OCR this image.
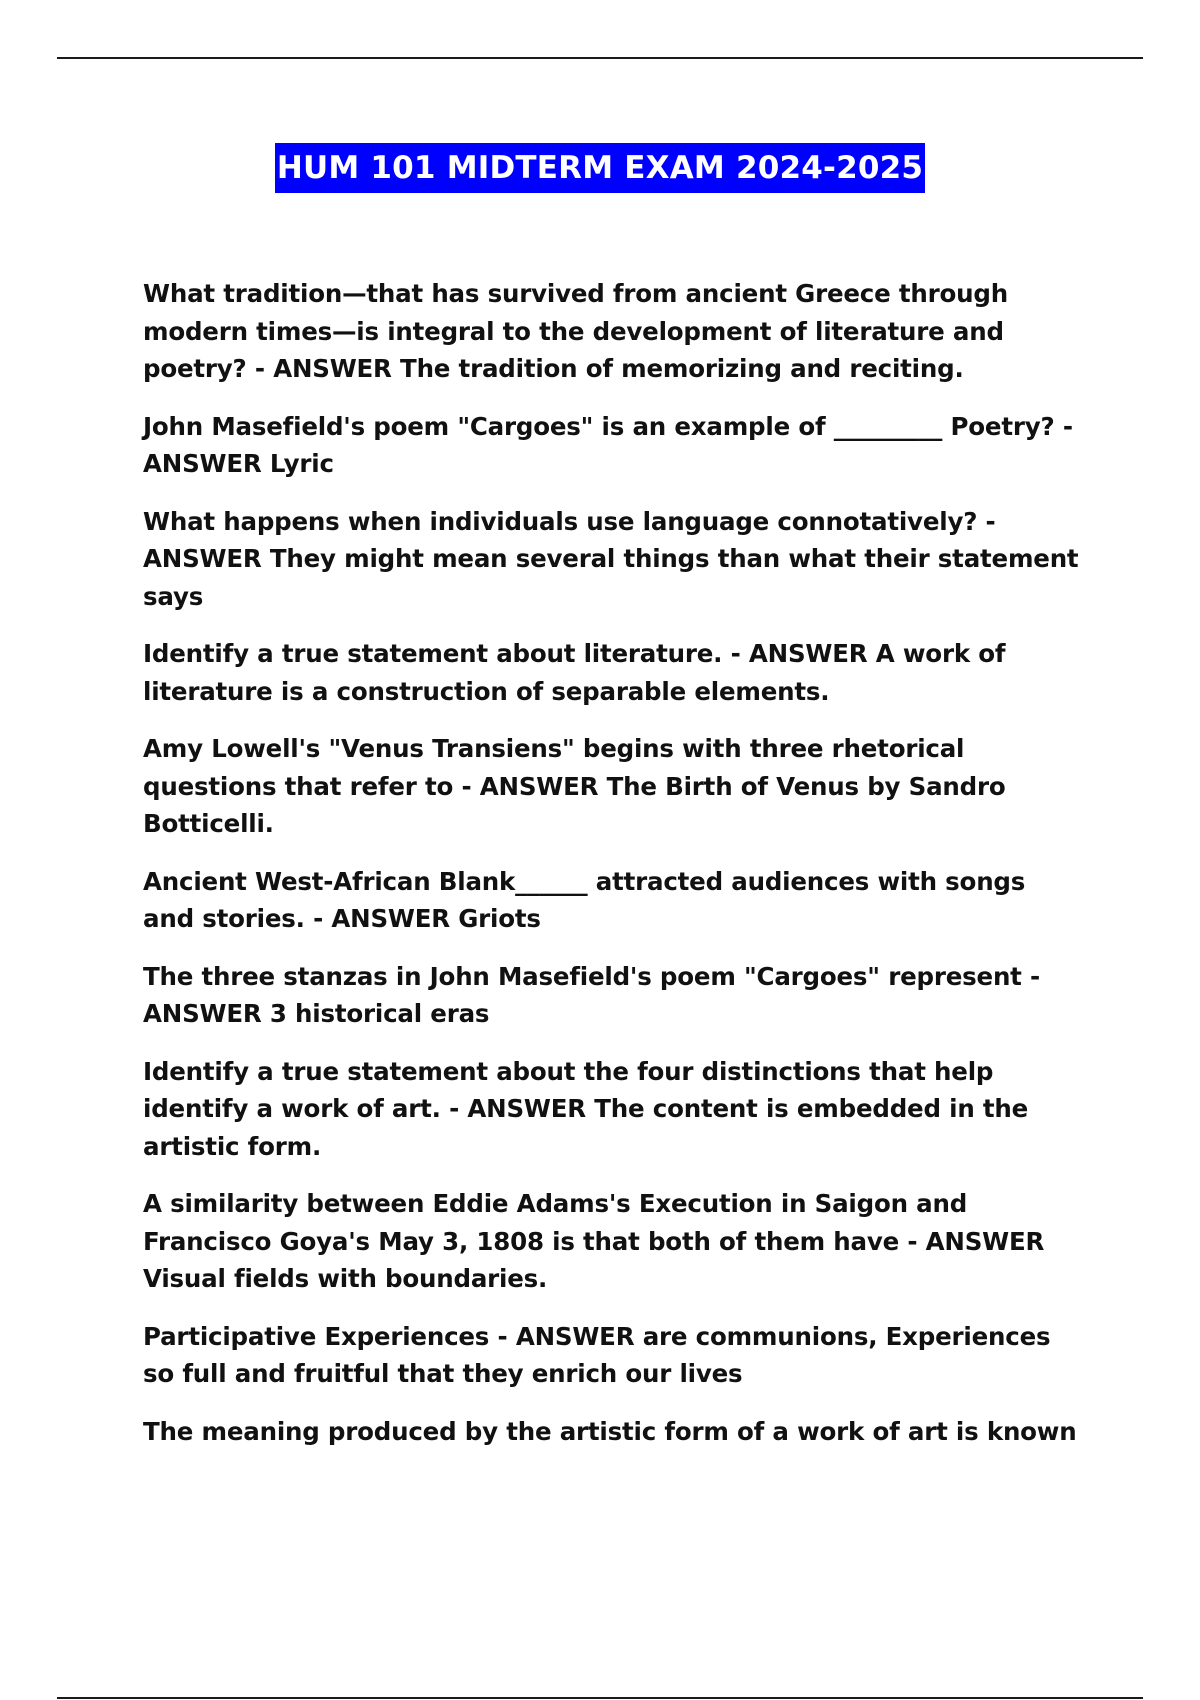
HUM 101 MIDTERM EXAM 2024-2025
What tradition—that has survived from ancient Greece through modern times—is integral to the development of literature and poetry? - ANSWER The tradition of memorizing and reciting.
John Masefield's poem "Cargoes" is an example of _________ Poetry? - ANSWER Lyric
What happens when individuals use language connotatively? - ANSWER They might mean several things than what their statement says
Identify a true statement about literature. - ANSWER A work of literature is a construction of separable elements.
Amy Lowell's "Venus Transiens" begins with three rhetorical questions that refer to - ANSWER The Birth of Venus by Sandro Botticelli.
Ancient West-African Blank______ attracted audiences with songs and stories. - ANSWER Griots
The three stanzas in John Masefield's poem "Cargoes" represent - ANSWER 3 historical eras
Identify a true statement about the four distinctions that help identify a work of art. - ANSWER The content is embedded in the artistic form.
A similarity between Eddie Adams's Execution in Saigon and Francisco Goya's May 3, 1808 is that both of them have - ANSWER Visual fields with boundaries.
Participative Experiences - ANSWER are communions, Experiences so full and fruitful that they enrich our lives
The meaning produced by the artistic form of a work of art is known
